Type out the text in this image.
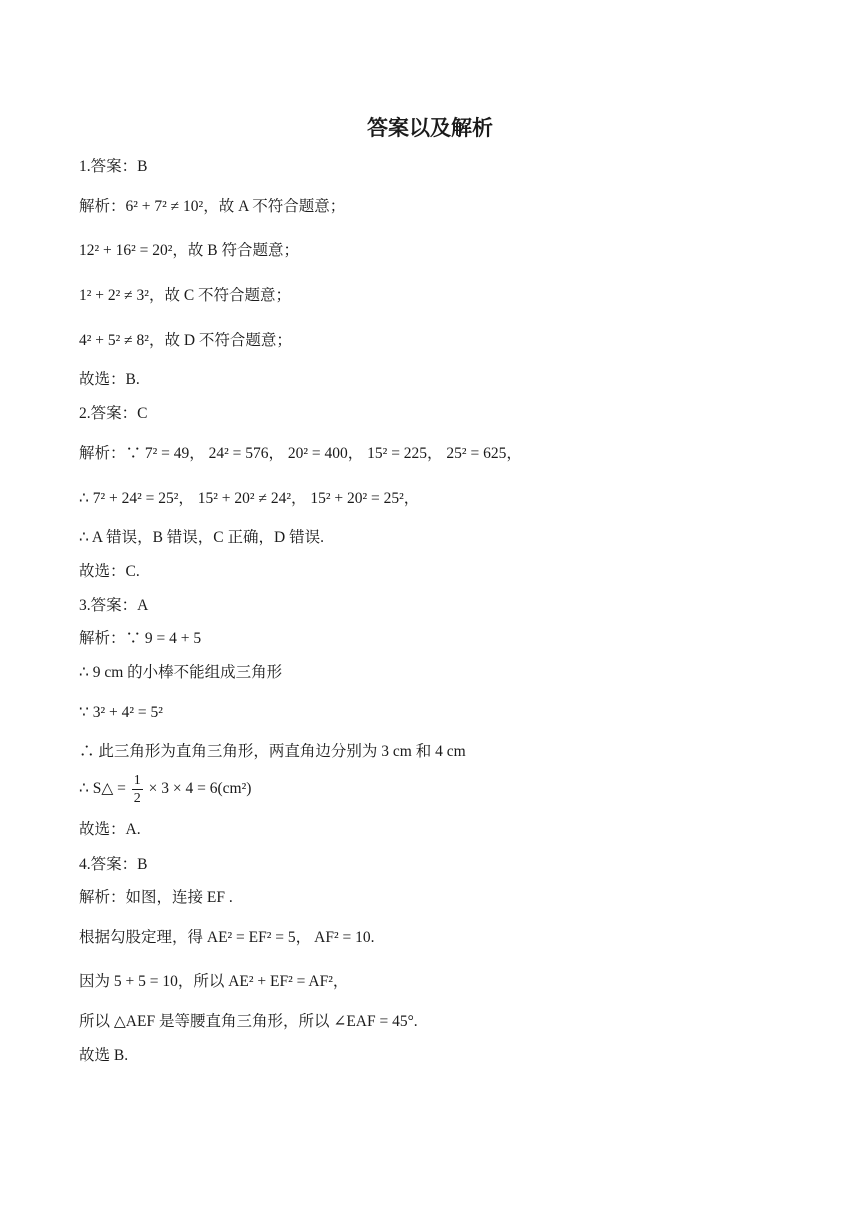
答案以及解析
1.答案：B
解析：6² + 7² ≠ 10²，故 A 不符合题意；
12² + 16² = 20²，故 B 符合题意；
1² + 2² ≠ 3²，故 C 不符合题意；
4² + 5² ≠ 8²，故 D 不符合题意；
故选：B.
2.答案：C
解析：∵ 7² = 49， 24² = 576， 20² = 400， 15² = 225， 25² = 625，
∴ 7² + 24² = 25²， 15² + 20² ≠ 24²， 15² + 20² = 25²，
∴ A 错误，B 错误，C 正确，D 错误.
故选：C.
3.答案：A
解析：∵ 9 = 4 + 5
∴ 9 cm 的小棒不能组成三角形
∵ 3² + 4² = 5²
∴ 此三角形为直角三角形，两直角边分别为 3 cm 和 4 cm
∴ S△ = $\frac{1}{2} \times 3 \times 4 = 6(cm^2)$
故选：A.
4.答案：B
解析：如图，连接 EF .
根据勾股定理，得 AE² = EF² = 5， AF² = 10.
因为 5 + 5 = 10，所以 AE² + EF² = AF²，
所以 △AEF 是等腰直角三角形，所以 ∠EAF = 45°.
故选 B.
